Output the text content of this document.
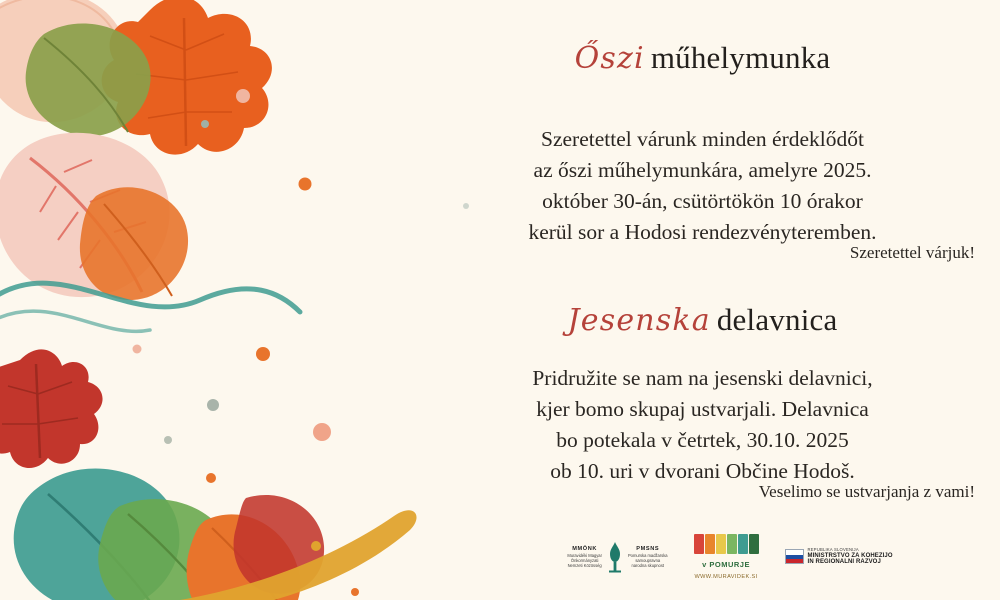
Őszi műhelymunka
Szeretettel várunk minden érdeklődőt
az őszi műhelymunkára, amelyre 2025.
október 30-án, csütörtökön 10 órakor
kerül sor a Hodosi rendezvényteremben.
Szeretettel várjuk!
Jesenska delavnica
Pridružite se nam na jesenski delavnici,
kjer bomo skupaj ustvarjali. Delavnica
bo potekala v četrtek, 30.10. 2025
ob 10. uri v dvorani Občine Hodoš.
Veselimo se ustvarjanja z vami!
MMÖNK
Muravidéki Magyar
Önkormányzati
Nemzeti Közösség
PMSNS
Pomurska madžarska
samoupravna
narodna skupnost	v POMURJE
WWW.MURAVIDEK.SI
REPUBLIKA SLOVENIJA
MINISTRSTVO ZA KOHEZIJO
IN REGIONALNI RAZVOJ
